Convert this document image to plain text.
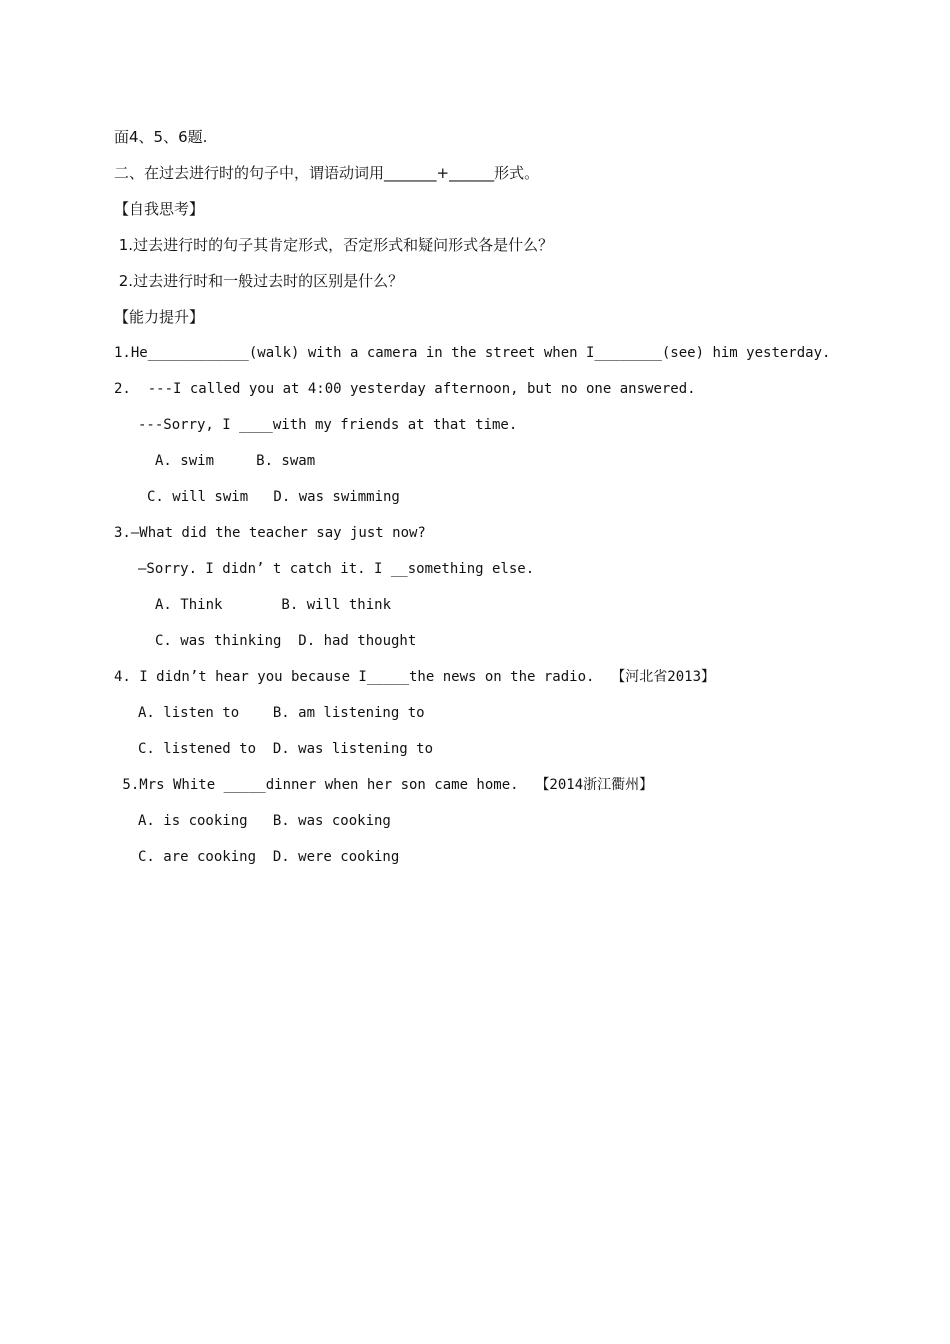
面4、5、6题.
二、在过去进行时的句子中，谓语动词用_______+______形式。
【自我思考】
1.过去进行时的句子其肯定形式，否定形式和疑问形式各是什么？
2.过去进行时和一般过去时的区别是什么？
【能力提升】
1.He____________(walk) with a camera in the street when I________(see) him yesterday.
2.  ---I called you at 4:00 yesterday afternoon, but no one answered.
---Sorry, I ____with my friends at that time.
A. swim     B. swam
C. will swim   D. was swimming
3.—What did the teacher say just now?
—Sorry. I didn’ t catch it. I __something else.
A. Think       B. will think
C. was thinking  D. had thought
4. I didn’t hear you because I_____the news on the radio.  【河北省2013】
A. listen to    B. am listening to
C. listened to  D. was listening to
5.Mrs White _____dinner when her son came home.  【2014浙江衢州】
A. is cooking   B. was cooking
C. are cooking  D. were cooking
